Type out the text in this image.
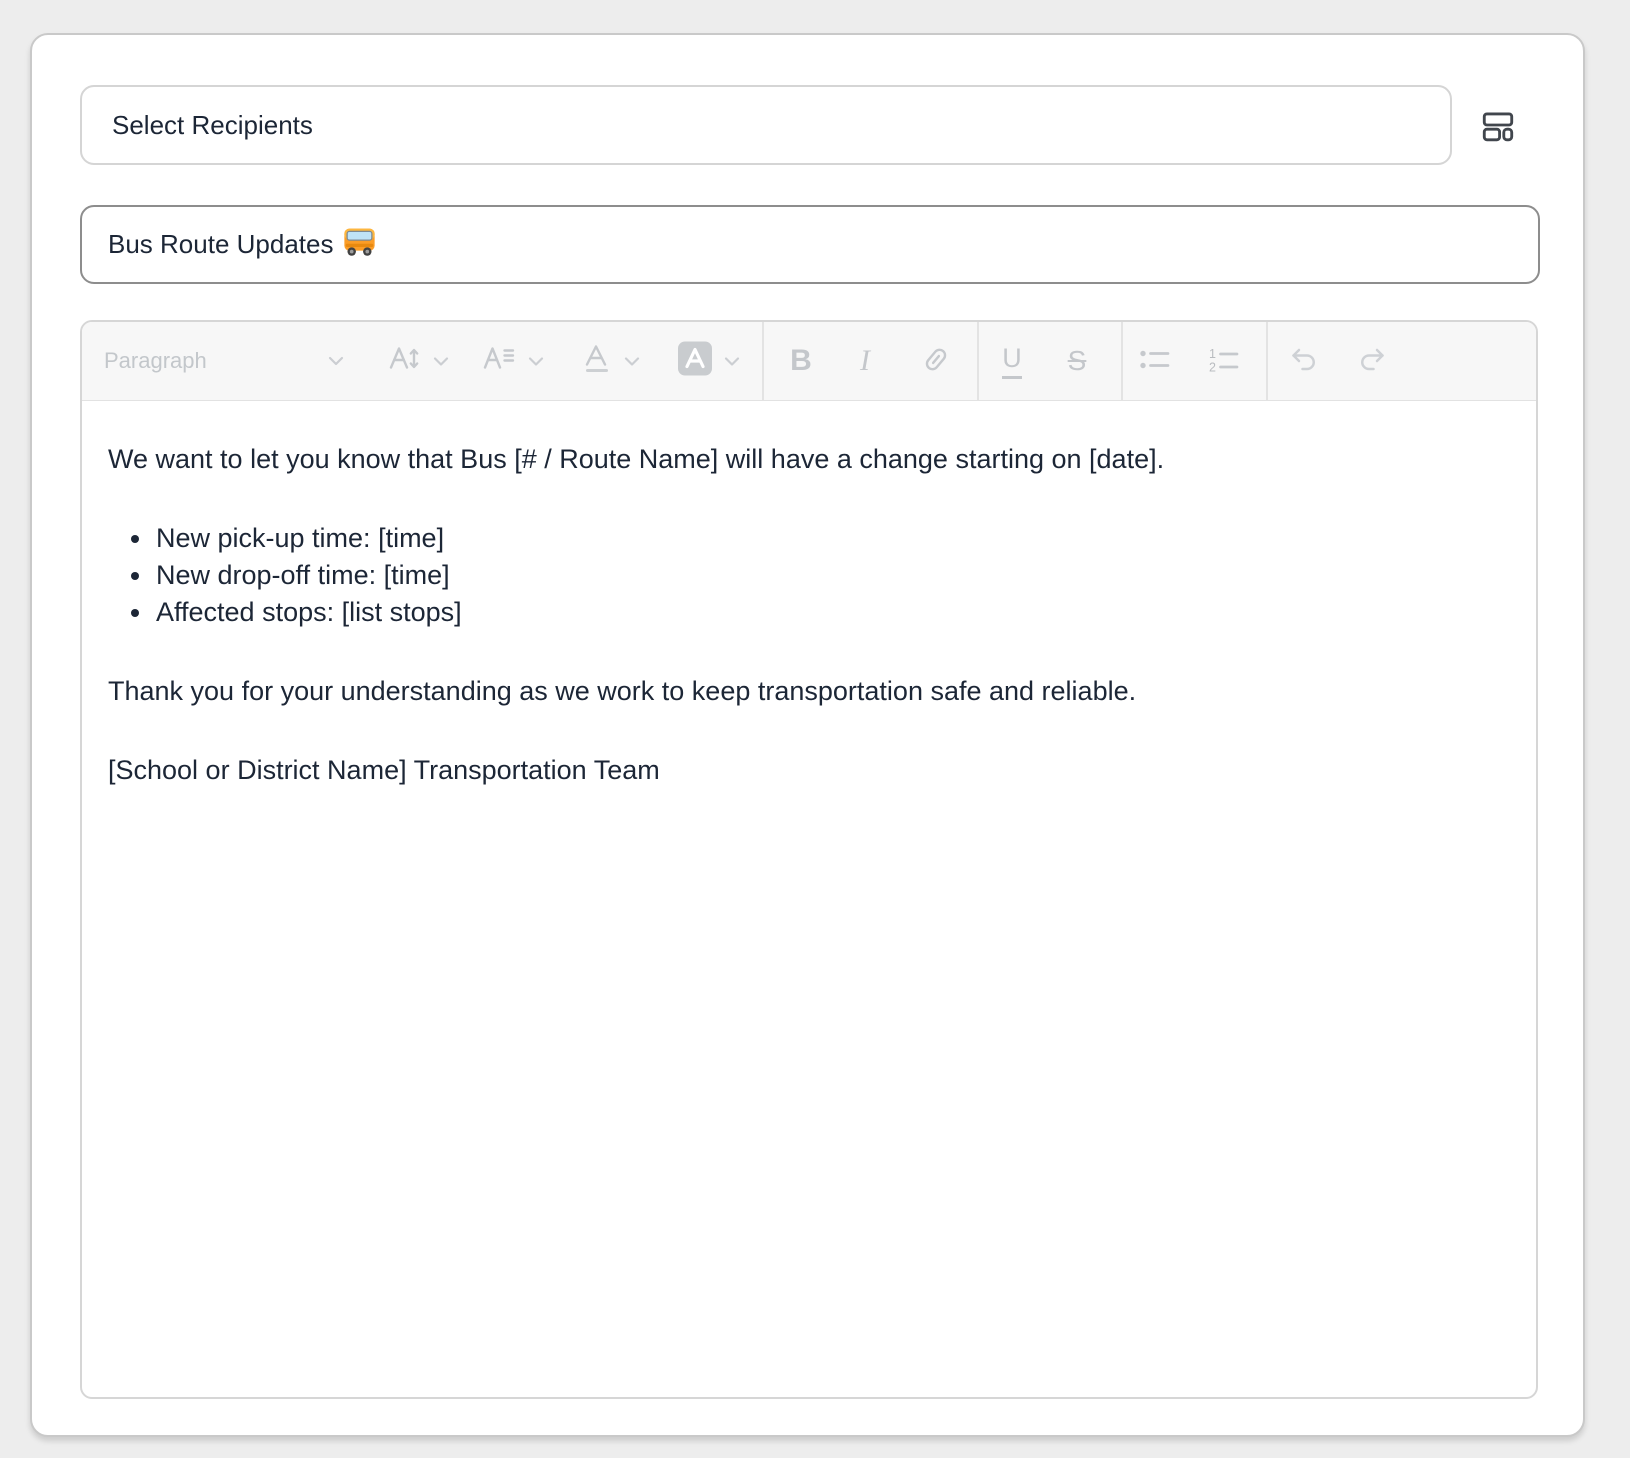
Select Recipients
Bus Route Updates
Paragraph	B I	U S	1
2

We want to let you know that Bus [# / Route Name] will have a change starting on [date].

• New pick-up time: [time]
• New drop-off time: [time]
• Affected stops: [list stops]

Thank you for your understanding as we work to keep transportation safe and reliable.

[School or District Name] Transportation Team
